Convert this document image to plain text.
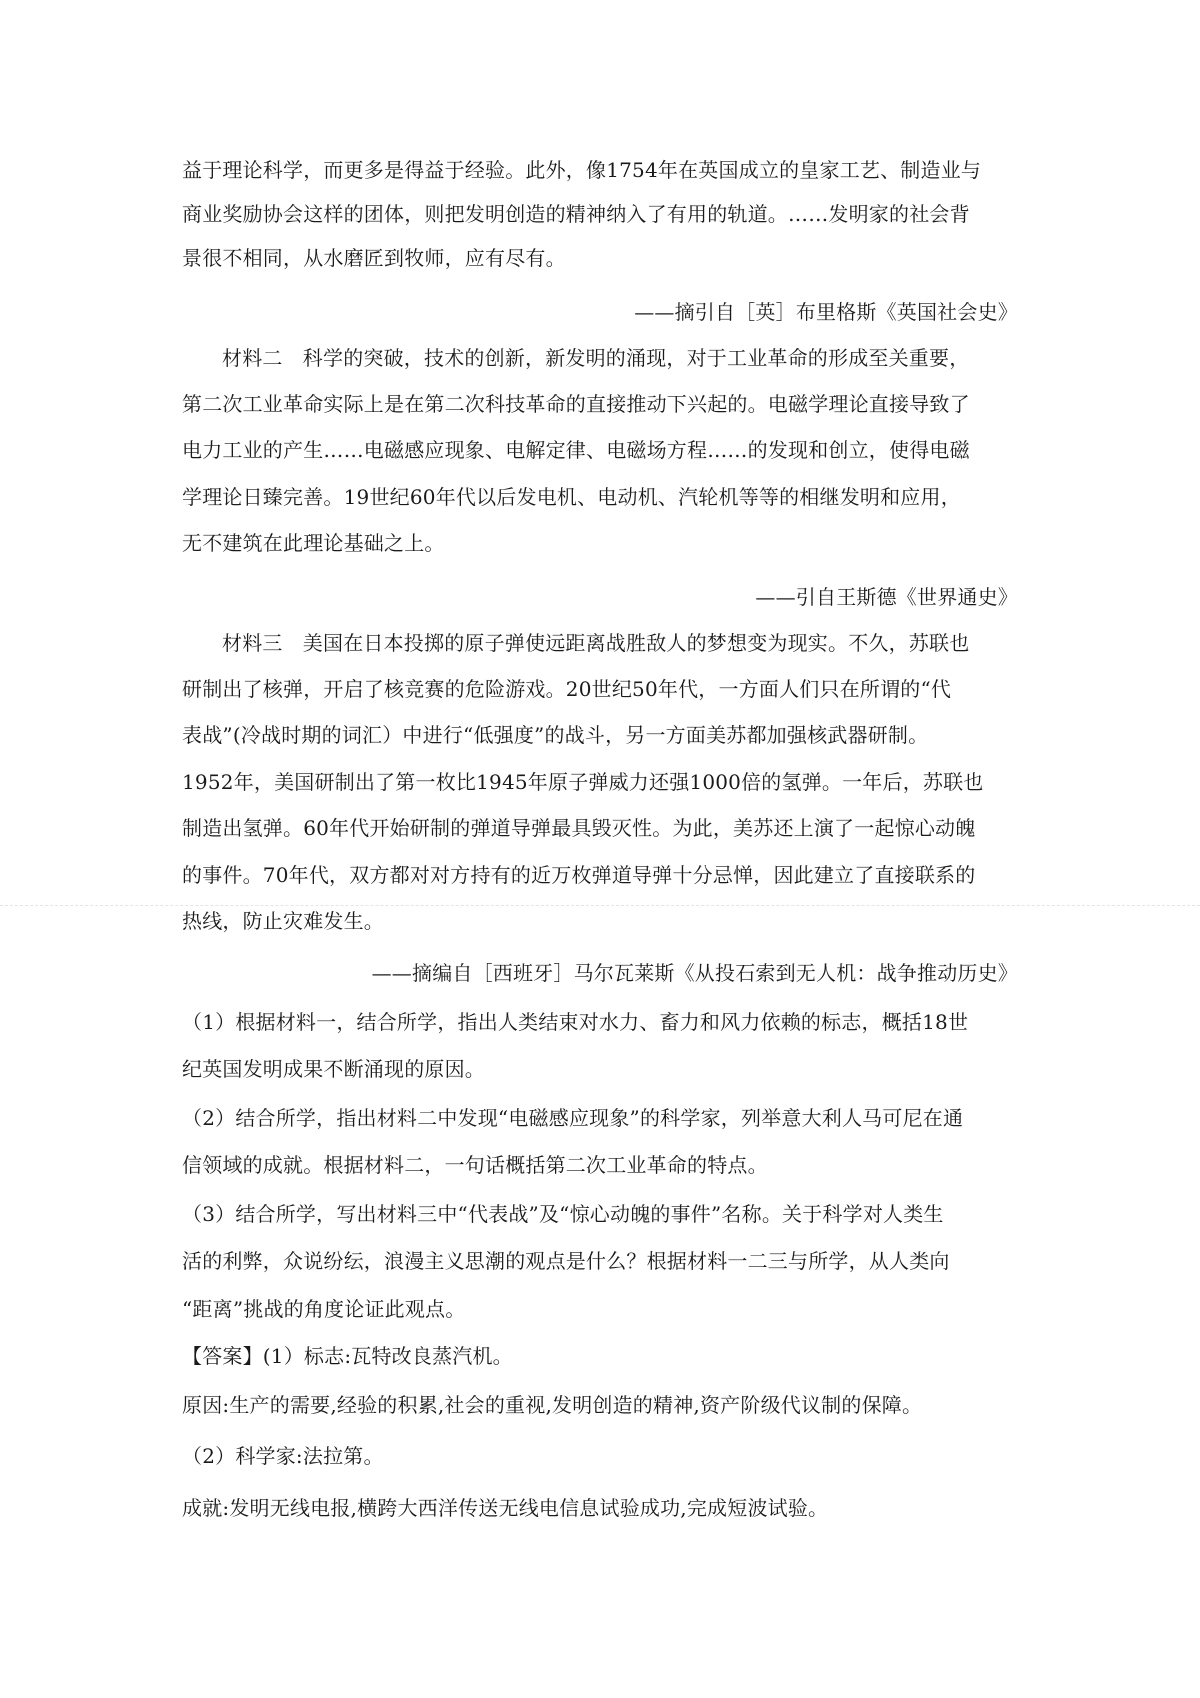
益于理论科学，而更多是得益于经验。此外，像1754年在英国成立的皇家工艺、制造业与
商业奖励协会这样的团体，则把发明创造的精神纳入了有用的轨道。……发明家的社会背
景很不相同，从水磨匠到牧师，应有尽有。
——摘引自［英］布里格斯《英国社会史》
材料二　科学的突破，技术的创新，新发明的涌现，对于工业革命的形成至关重要，
第二次工业革命实际上是在第二次科技革命的直接推动下兴起的。电磁学理论直接导致了
电力工业的产生……电磁感应现象、电解定律、电磁场方程……的发现和创立，使得电磁
学理论日臻完善。19世纪60年代以后发电机、电动机、汽轮机等等的相继发明和应用，
无不建筑在此理论基础之上。
——引自王斯德《世界通史》
材料三　美国在日本投掷的原子弹使远距离战胜敌人的梦想变为现实。不久，苏联也
研制出了核弹，开启了核竞赛的危险游戏。20世纪50年代，一方面人们只在所谓的“代
表战”(冷战时期的词汇）中进行“低强度”的战斗，另一方面美苏都加强核武器研制。
1952年，美国研制出了第一枚比1945年原子弹威力还强1000倍的氢弹。一年后，苏联也
制造出氢弹。60年代开始研制的弹道导弹最具毁灭性。为此，美苏还上演了一起惊心动魄
的事件。70年代，双方都对对方持有的近万枚弹道导弹十分忌惮，因此建立了直接联系的
热线，防止灾难发生。
——摘编自［西班牙］马尔瓦莱斯《从投石索到无人机：战争推动历史》
（1）根据材料一，结合所学，指出人类结束对水力、畜力和风力依赖的标志，概括18世
纪英国发明成果不断涌现的原因。
（2）结合所学，指出材料二中发现“电磁感应现象”的科学家，列举意大利人马可尼在通
信领域的成就。根据材料二，一句话概括第二次工业革命的特点。
（3）结合所学，写出材料三中“代表战”及“惊心动魄的事件”名称。关于科学对人类生
活的利弊，众说纷纭，浪漫主义思潮的观点是什么？根据材料一二三与所学，从人类向
“距离”挑战的角度论证此观点。
【答案】(1）标志:瓦特改良蒸汽机。
原因:生产的需要,经验的积累,社会的重视,发明创造的精神,资产阶级代议制的保障。
（2）科学家:法拉第。
成就:发明无线电报,横跨大西洋传送无线电信息试验成功,完成短波试验。
